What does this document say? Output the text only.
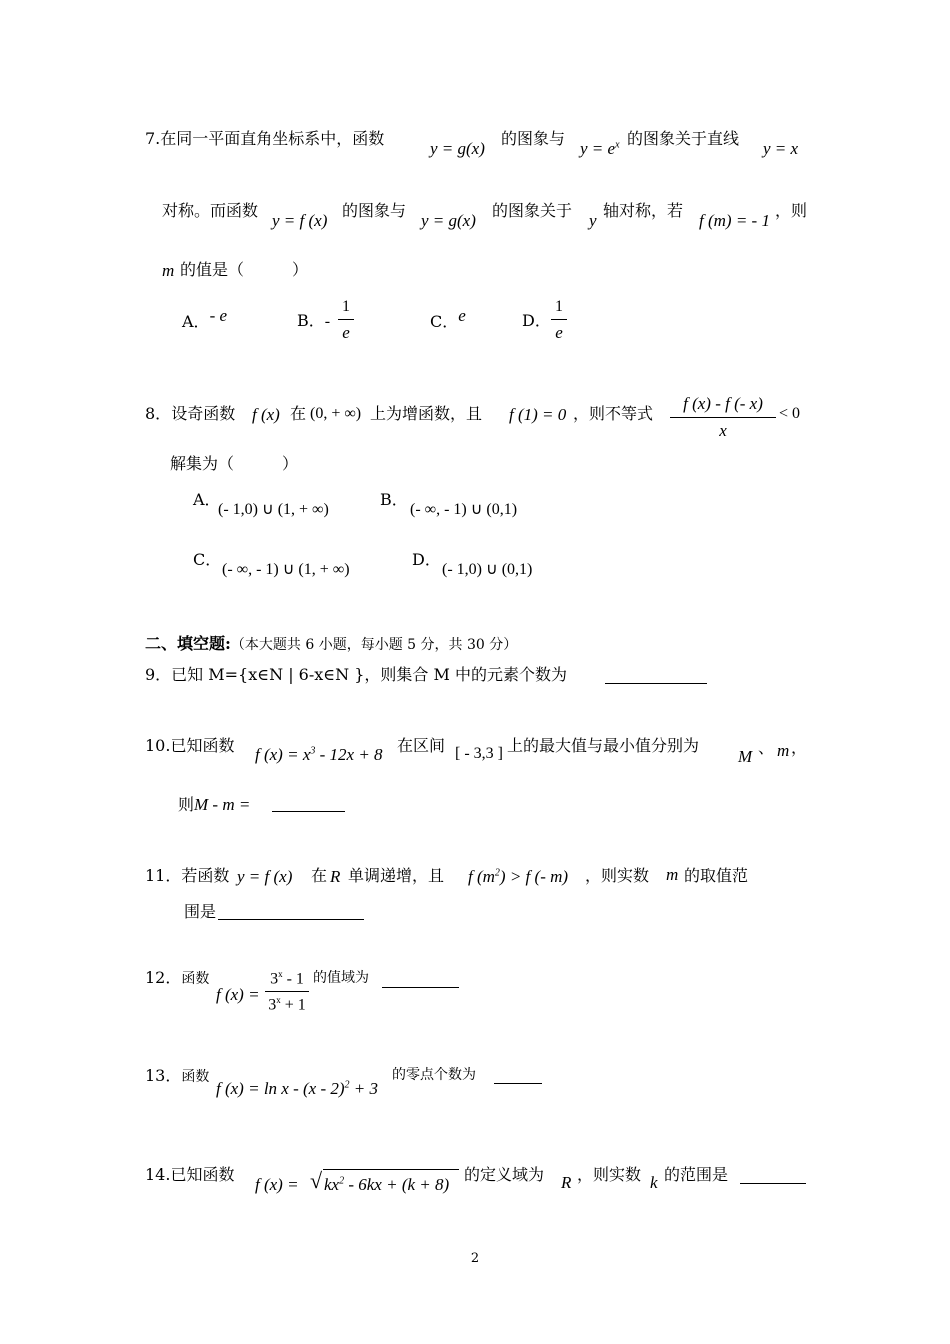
7.在同一平面直角坐标系中，函数
y = g(x)
的图象与
$y = e^x$ 的图象关于直线
y = x
对称。而函数
y = f (x)
的图象与
y = g(x)
的图象关于
y
轴对称，若
f (m) = - 1
，则
m 的值是（　　　）
A．- e	B．-
1
e
C．e	D．
1
e
8．设奇函数 f (x) 在 (0, + ∞) 上为增函数，且 f (1) = 0 ，则不等式
f (x) - f (- x)
x
< 0
解集为（　　　）
A．
(- 1,0) ∪ (1, + ∞)
B．
(- ∞, - 1) ∪ (0,1)
C．
(- ∞, - 1) ∪ (1, + ∞)
D．
(- 1,0) ∪ (0,1)
二、填空题:（本大题共 6 小题，每小题 5 分，共 30 分）
9．已知 M={x∈N | 6-x∈N }，则集合 M 中的元素个数为
10.已知函数 f $(x) = x^3 - 12x + 8$ 在区间 [ - 3,3 ] 上的最大值与最小值分别为
M 、 m ，
则M - m =
11．若函数 y = f (x) 在 R 单调递增，且 f $(m^2) > f$ (- m) ，则实数 m 的取值范
围是
12．函数
f (x) =
$3^x - 1$
$3^x + 1$
的值域为
13．函数
f (x) = ln x - (x - 2)$^2$ + 3
的零点个数为
14.已知函数
f (x) = √ $kx^2 - 6kx + (k + 8)$
的定义域为 R ，则实数 k 的范围是
2
